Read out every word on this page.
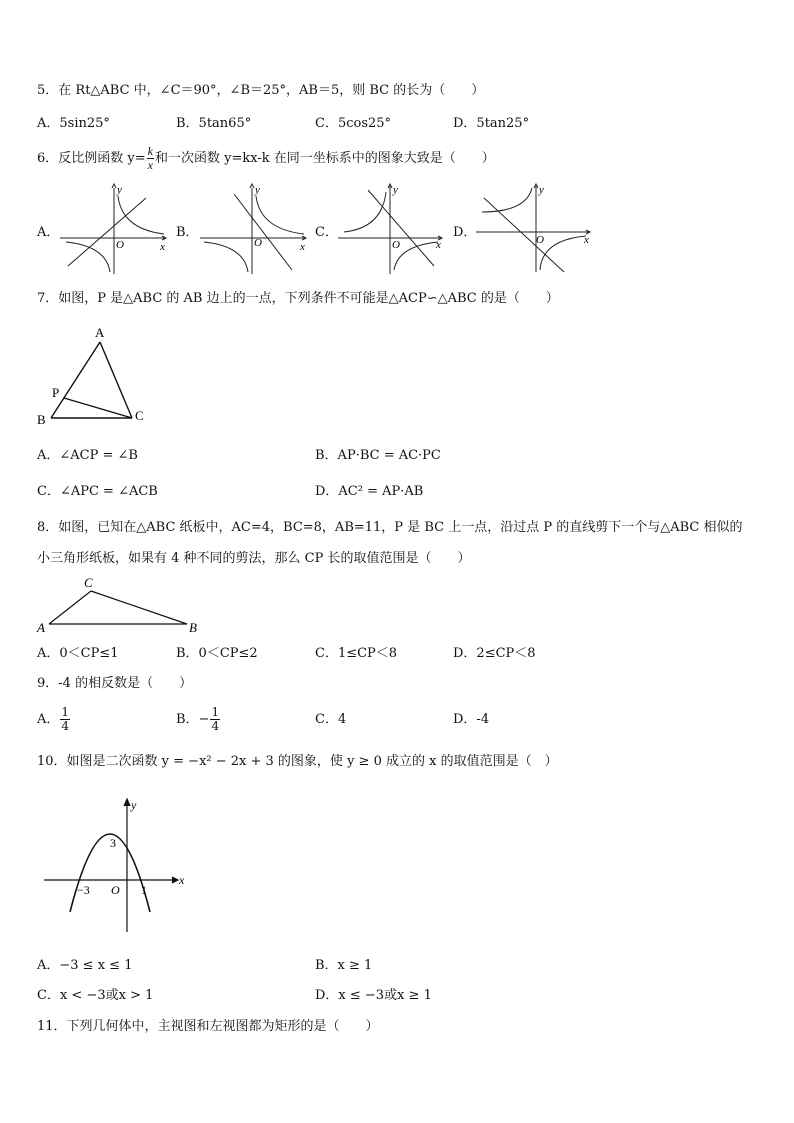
5．在 Rt△ABC 中，∠C＝90°，∠B＝25°，AB＝5，则 BC 的长为（　　）
A．5sin25°	B．5tan65°	C．5cos25°	D．5tan25°
6．反比例函数 $y= \frac{k}{x}$ 和一次函数 y=kx-k 在同一坐标系中的图象大致是（　　）
A．	B．	C．	D．
y
x
O
y
x
O
y
x
O
y
x
O
7．如图，P 是△ABC 的 AB 边上的一点，下列条件不可能是△ACP∽△ABC 的是（　　）
A
B	C
P
A．∠ACP = ∠B	B．AP·BC = AC·PC
C．∠APC = ∠ACB	D．AC² = AP·AB
8．如图，已知在△ABC 纸板中，AC=4，BC=8，AB=11，P 是 BC 上一点，沿过点 P 的直线剪下一个与△ABC 相似的
小三角形纸板，如果有 4 种不同的剪法，那么 CP 长的取值范围是（　　）
C
A	B
A．0＜CP≤1	B．0＜CP≤2	C．1≤CP＜8	D．2≤CP＜8
9．-4 的相反数是（　　）
A． $\frac{1}{4}$	B．− $\frac{1}{4}$	C．4	D．-4
10．如图是二次函数 y = −x² − 2x + 3 的图象，使 y ≥ 0 成立的 x 的取值范围是（　）
y
x
3
−3 O 1
A．−3 ≤ x ≤ 1	B．x ≥ 1
C．x < −3或x > 1	D．x ≤ −3或x ≥ 1
11．下列几何体中，主视图和左视图都为矩形的是（　　）
